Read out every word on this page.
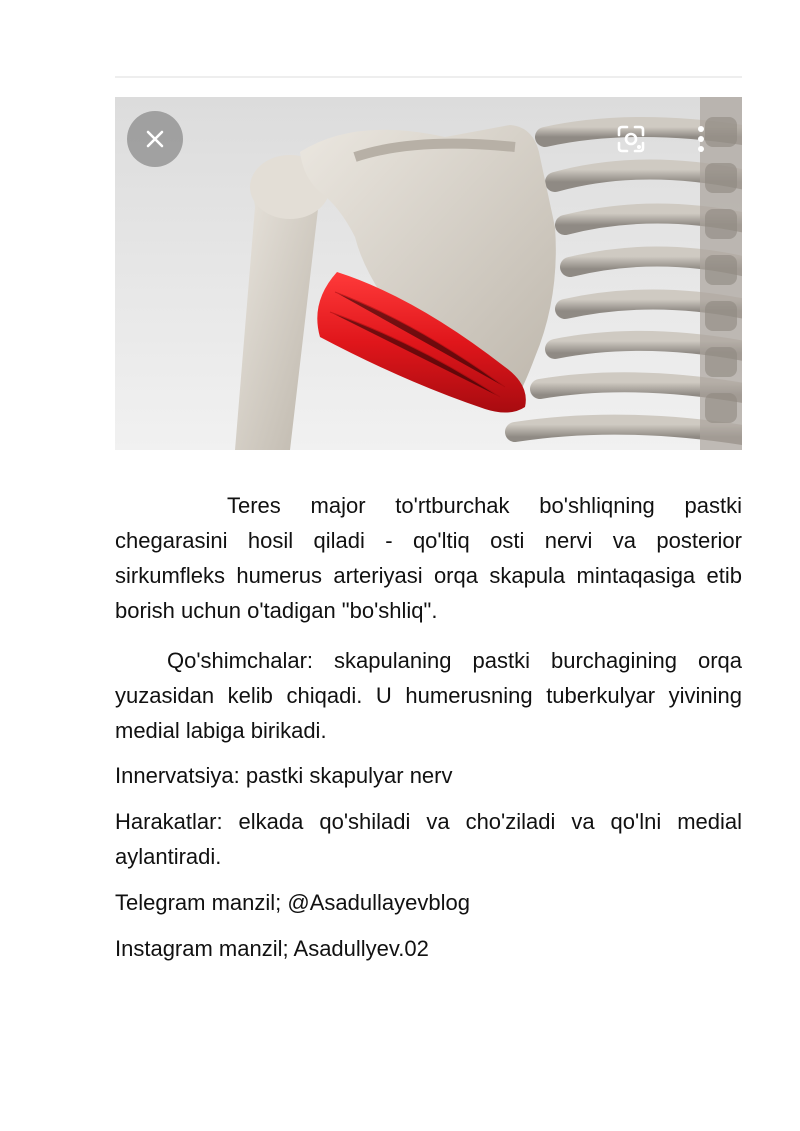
Teres major to'rtburchak bo'shliqning pastki chegarasini hosil qiladi - qo'ltiq osti nervi va posterior sirkumfleks humerus arteriyasi orqa skapula mintaqasiga etib borish uchun o'tadigan "bo'shliq".
Qo'shimchalar: skapulaning pastki burchagining orqa yuzasidan kelib chiqadi. U humerusning tuberkulyar yivining medial labiga birikadi.
Innervatsiya: pastki skapulyar nerv
Harakatlar: elkada qo'shiladi va cho'ziladi va qo'lni medial aylantiradi.
Telegram manzil; @Asadullayevblog
Instagram manzil; Asadullyev.02
